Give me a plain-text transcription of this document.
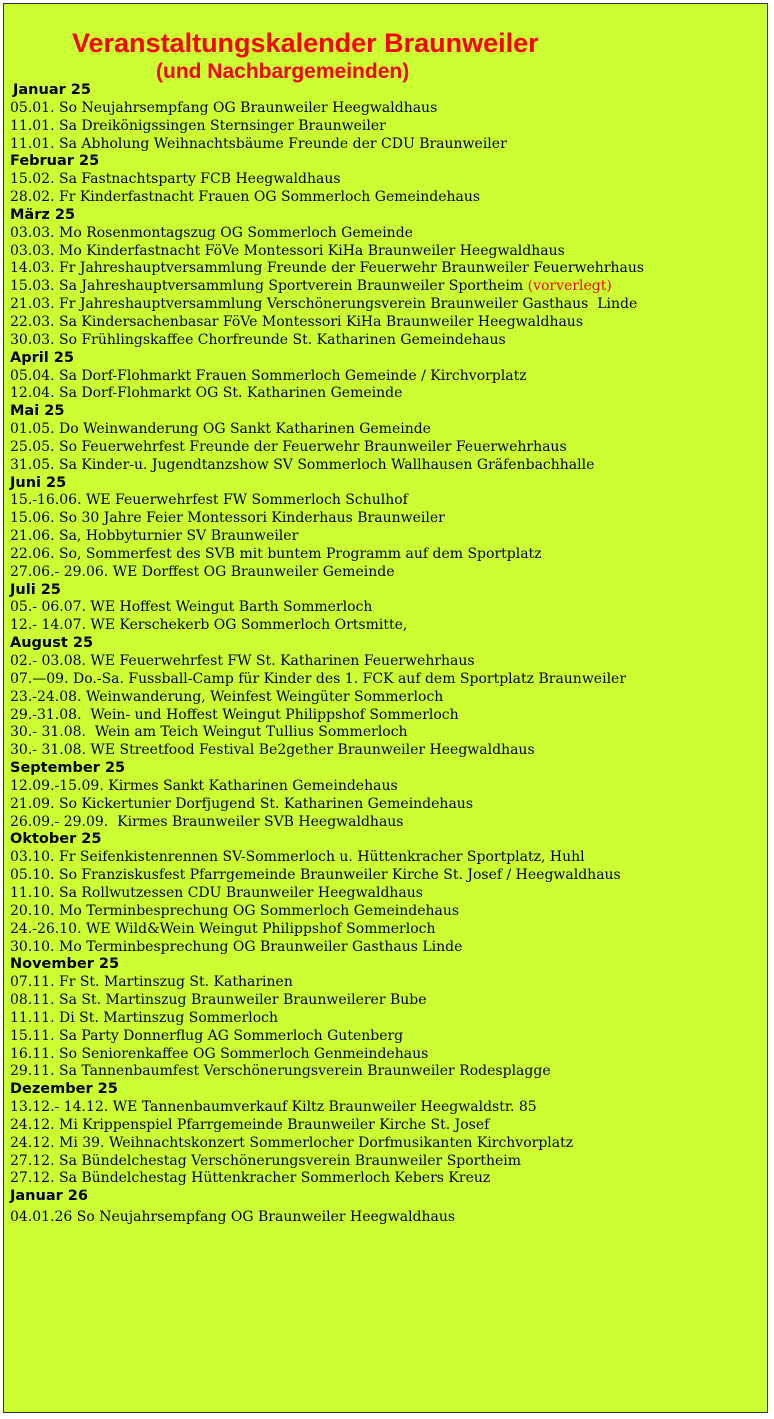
Veranstaltungskalender Braunweiler
(und Nachbargemeinden)
Januar 25
05.01. So Neujahrsempfang OG Braunweiler Heegwaldhaus
11.01. Sa Dreikönigssingen Sternsinger Braunweiler
11.01. Sa Abholung Weihnachtsbäume Freunde der CDU Braunweiler
Februar 25
15.02. Sa Fastnachtsparty FCB Heegwaldhaus
28.02. Fr Kinderfastnacht Frauen OG Sommerloch Gemeindehaus
März 25
03.03. Mo Rosenmontagszug OG Sommerloch Gemeinde
03.03. Mo Kinderfastnacht FöVe Montessori KiHa Braunweiler Heegwaldhaus
14.03. Fr Jahreshauptversammlung Freunde der Feuerwehr Braunweiler Feuerwehrhaus
15.03. Sa Jahreshauptversammlung Sportverein Braunweiler Sportheim (vorverlegt)
21.03. Fr Jahreshauptversammlung Verschönerungsverein Braunweiler Gasthaus  Linde
22.03. Sa Kindersachenbasar FöVe Montessori KiHa Braunweiler Heegwaldhaus
30.03. So Frühlingskaffee Chorfreunde St. Katharinen Gemeindehaus
April 25
05.04. Sa Dorf-Flohmarkt Frauen Sommerloch Gemeinde / Kirchvorplatz
12.04. Sa Dorf-Flohmarkt OG St. Katharinen Gemeinde
Mai 25
01.05. Do Weinwanderung OG Sankt Katharinen Gemeinde
25.05. So Feuerwehrfest Freunde der Feuerwehr Braunweiler Feuerwehrhaus
31.05. Sa Kinder-u. Jugendtanzshow SV Sommerloch Wallhausen Gräfenbachhalle
Juni 25
15.-16.06. WE Feuerwehrfest FW Sommerloch Schulhof
15.06. So 30 Jahre Feier Montessori Kinderhaus Braunweiler
21.06. Sa, Hobbyturnier SV Braunweiler
22.06. So, Sommerfest des SVB mit buntem Programm auf dem Sportplatz
27.06.- 29.06. WE Dorffest OG Braunweiler Gemeinde
Juli 25
05.- 06.07. WE Hoffest Weingut Barth Sommerloch
12.- 14.07. WE Kerschekerb OG Sommerloch Ortsmitte,
August 25
02.- 03.08. WE Feuerwehrfest FW St. Katharinen Feuerwehrhaus
07.—09. Do.-Sa. Fussball-Camp für Kinder des 1. FCK auf dem Sportplatz Braunweiler
23.-24.08. Weinwanderung, Weinfest Weingüter Sommerloch
29.-31.08.  Wein- und Hoffest Weingut Philippshof Sommerloch
30.- 31.08.  Wein am Teich Weingut Tullius Sommerloch
30.- 31.08. WE Streetfood Festival Be2gether Braunweiler Heegwaldhaus
September 25
12.09.-15.09. Kirmes Sankt Katharinen Gemeindehaus
21.09. So Kickertunier Dorfjugend St. Katharinen Gemeindehaus
26.09.- 29.09.  Kirmes Braunweiler SVB Heegwaldhaus
Oktober 25
03.10. Fr Seifenkistenrennen SV-Sommerloch u. Hüttenkracher Sportplatz, Huhl
05.10. So Franziskusfest Pfarrgemeinde Braunweiler Kirche St. Josef / Heegwaldhaus
11.10. Sa Rollwutzessen CDU Braunweiler Heegwaldhaus
20.10. Mo Terminbesprechung OG Sommerloch Gemeindehaus
24.-26.10. WE Wild&Wein Weingut Philippshof Sommerloch
30.10. Mo Terminbesprechung OG Braunweiler Gasthaus Linde
November 25
07.11. Fr St. Martinszug St. Katharinen
08.11. Sa St. Martinszug Braunweiler Braunweilerer Bube
11.11. Di St. Martinszug Sommerloch
15.11. Sa Party Donnerflug AG Sommerloch Gutenberg
16.11. So Seniorenkaffee OG Sommerloch Genmeindehaus
29.11. Sa Tannenbaumfest Verschönerungsverein Braunweiler Rodesplagge
Dezember 25
13.12.- 14.12. WE Tannenbaumverkauf Kiltz Braunweiler Heegwaldstr. 85
24.12. Mi Krippenspiel Pfarrgemeinde Braunweiler Kirche St. Josef
24.12. Mi 39. Weihnachtskonzert Sommerlocher Dorfmusikanten Kirchvorplatz
27.12. Sa Bündelchestag Verschönerungsverein Braunweiler Sportheim
27.12. Sa Bündelchestag Hüttenkracher Sommerloch Kebers Kreuz
Januar 26
04.01.26 So Neujahrsempfang OG Braunweiler Heegwaldhaus
